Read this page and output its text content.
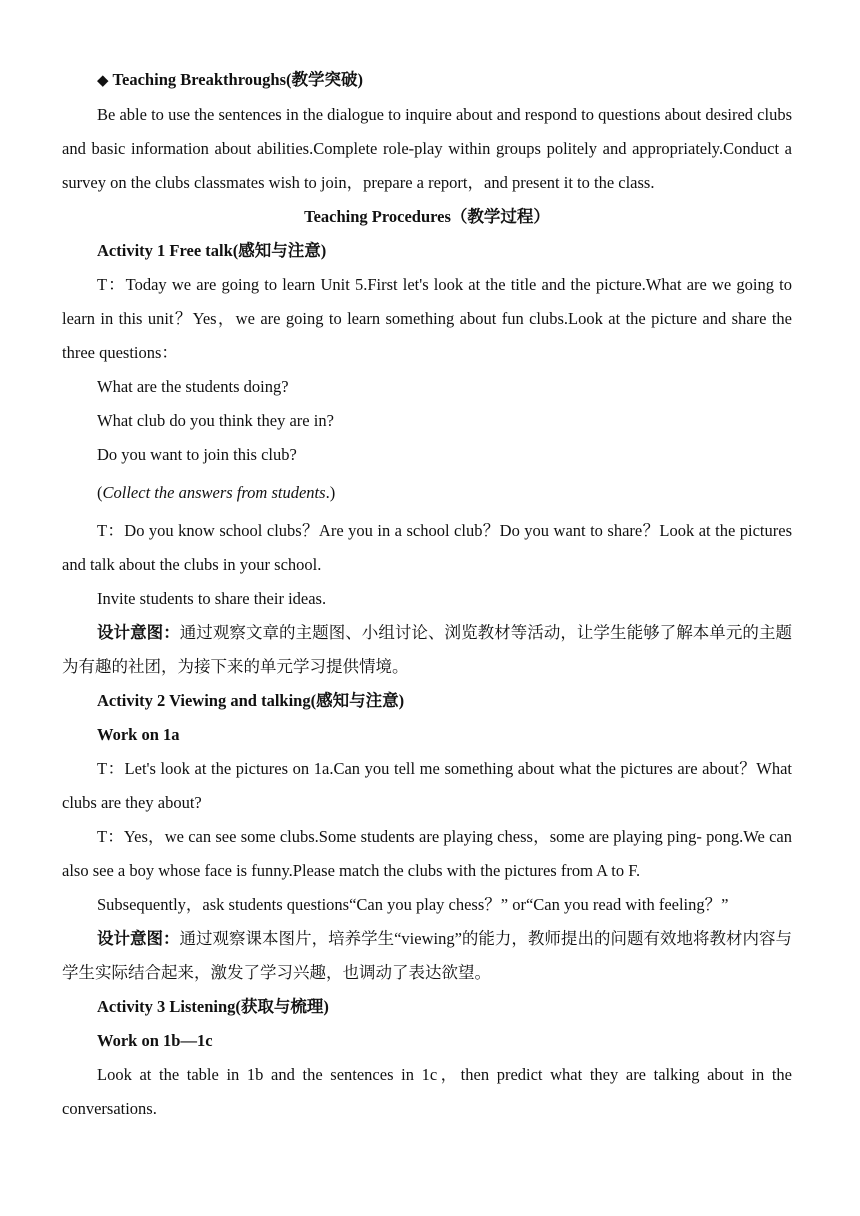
◆ Teaching Breakthroughs(教学突破)

Be able to use the sentences in the dialogue to inquire about and respond to questions about desired clubs and basic information about abilities.Complete role-play within groups politely and appropriately.Conduct a survey on the clubs classmates wish to join，prepare a report，and present it to the class.

Teaching Procedures（教学过程）

Activity 1 Free talk(感知与注意)

T：Today we are going to learn Unit 5.First let's look at the title and the picture.What are we going to learn in this unit？Yes，we are going to learn something about fun clubs.Look at the picture and share the three questions：

What are the students doing?

What club do you think they are in?

Do you want to join this club?

(Collect the answers from students.)

T：Do you know school clubs？Are you in a school club？Do you want to share？Look at the pictures and talk about the clubs in your school.

Invite students to share their ideas.

设计意图：通过观察文章的主题图、小组讨论、浏览教材等活动，让学生能够了解本单元的主题为有趣的社团，为接下来的单元学习提供情境。

Activity 2 Viewing and talking(感知与注意)

Work on 1a

T：Let's look at the pictures on 1a.Can you tell me something about what the pictures are about？What clubs are they about?

T：Yes，we can see some clubs.Some students are playing chess，some are playing ping- pong.We can also see a boy whose face is funny.Please match the clubs with the pictures from A to F.

Subsequently，ask students questions“Can you play chess？” or“Can you read with feeling？”

设计意图：通过观察课本图片，培养学生“viewing”的能力，教师提出的问题有效地将教材内容与学生实际结合起来，激发了学习兴趣，也调动了表达欲望。

Activity 3 Listening(获取与梳理)

Work on 1b—1c

Look at the table in 1b and the sentences in 1c，then predict what they are talking about in the conversations.
